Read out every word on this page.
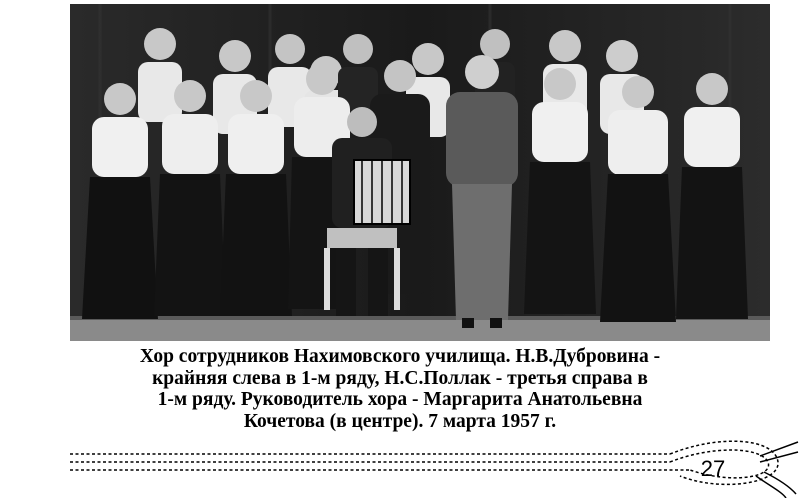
Хор сотрудников Нахимовского училища. Н.В.Дубровина -
крайняя слева в 1-м ряду, Н.С.Поллак - третья справа в
1-м ряду. Руководитель хора - Маргарита Анатольевна
Кочетова (в центре). 7 марта 1957 г.
27
